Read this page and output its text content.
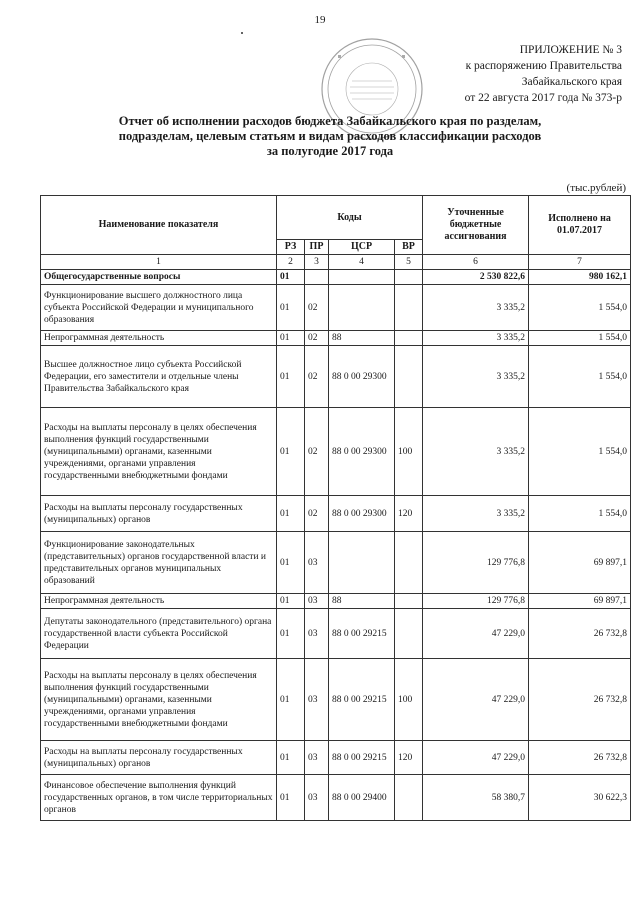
19
ПРИЛОЖЕНИЕ № 3
к распоряжению Правительства
Забайкальского края
от 22 августа 2017 года № 373-р
Отчет об исполнении расходов бюджета Забайкальского края по разделам,
подразделам, целевым статьям и видам расходов классификации расходов
за полугодие 2017 года
(тыс.рублей)
Наименование показателя	Коды				Уточненные бюджетные ассигнования	Исполнено на 01.07.2017
	РЗ	ПР	ЦСР	ВР		
1	2	3	4	5	6	7
Общегосударственные вопросы	01				2 530 822,6	980 162,1
Функционирование высшего должностного лица субъекта Российской Федерации и муниципального образования	01	02			3 335,2	1 554,0
Непрограммная деятельность	01	02	88		3 335,2	1 554,0
Высшее должностное лицо субъекта Российской Федерации, его заместители и отдельные члены Правительства Забайкальского края	01	02	88 0 00 29300		3 335,2	1 554,0
Расходы на выплаты персоналу в целях обеспечения выполнения функций государственными (муниципальными) органами, казенными учреждениями, органами управления государственными внебюджетными фондами	01	02	88 0 00 29300	100	3 335,2	1 554,0
Расходы на выплаты персоналу государственных (муниципальных) органов	01	02	88 0 00 29300	120	3 335,2	1 554,0
Функционирование законодательных (представительных) органов государственной власти и представительных органов муниципальных образований	01	03			129 776,8	69 897,1
Непрограммная деятельность	01	03	88		129 776,8	69 897,1
Депутаты законодательного (представительного) органа государственной власти субъекта Российской Федерации	01	03	88 0 00 29215		47 229,0	26 732,8
Расходы на выплаты персоналу в целях обеспечения выполнения функций государственными (муниципальными) органами, казенными учреждениями, органами управления государственными внебюджетными фондами	01	03	88 0 00 29215	100	47 229,0	26 732,8
Расходы на выплаты персоналу государственных (муниципальных) органов	01	03	88 0 00 29215	120	47 229,0	26 732,8
Финансовое обеспечение выполнения функций государственных органов, в том числе территориальных органов	01	03	88 0 00 29400		58 380,7	30 622,3
